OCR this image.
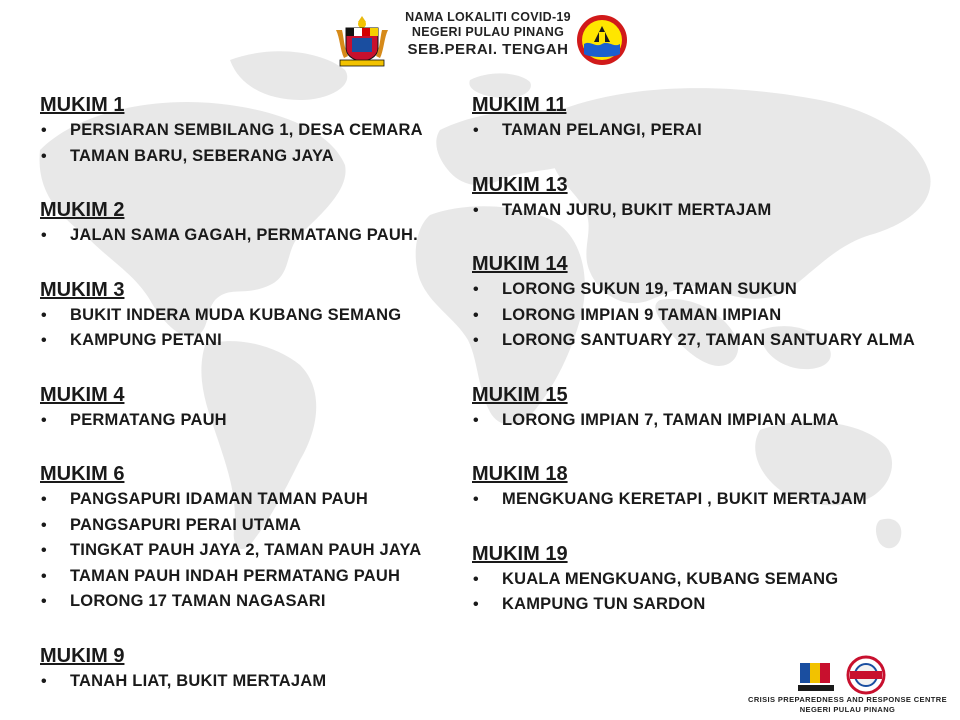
NAMA LOKALITI COVID-19
NEGERI PULAU PINANG
SEB.PERAI. TENGAH
MUKIM 1
• PERSIARAN SEMBILANG 1, DESA CEMARA
• TAMAN BARU, SEBERANG JAYA
MUKIM 2
• JALAN SAMA GAGAH, PERMATANG PAUH.
MUKIM 3
• BUKIT INDERA MUDA KUBANG SEMANG
• KAMPUNG PETANI
MUKIM 4
• PERMATANG PAUH
MUKIM 6
• PANGSAPURI IDAMAN TAMAN PAUH
• PANGSAPURI PERAI UTAMA
• TINGKAT PAUH JAYA 2, TAMAN PAUH JAYA
• TAMAN PAUH INDAH PERMATANG PAUH
• LORONG 17 TAMAN NAGASARI
MUKIM 9
• TANAH LIAT, BUKIT MERTAJAM
MUKIM 11
• TAMAN PELANGI, PERAI
MUKIM 13
• TAMAN JURU, BUKIT MERTAJAM
MUKIM 14
• LORONG SUKUN 19, TAMAN SUKUN
• LORONG IMPIAN 9 TAMAN IMPIAN
• LORONG SANTUARY 27, TAMAN SANTUARY ALMA
MUKIM 15
• LORONG IMPIAN 7, TAMAN IMPIAN ALMA
MUKIM 18
• MENGKUANG KERETAPI , BUKIT MERTAJAM
MUKIM 19
• KUALA MENGKUANG, KUBANG SEMANG
• KAMPUNG TUN SARDON
CRISIS PREPAREDNESS AND RESPONSE CENTRE
NEGERI PULAU PINANG
